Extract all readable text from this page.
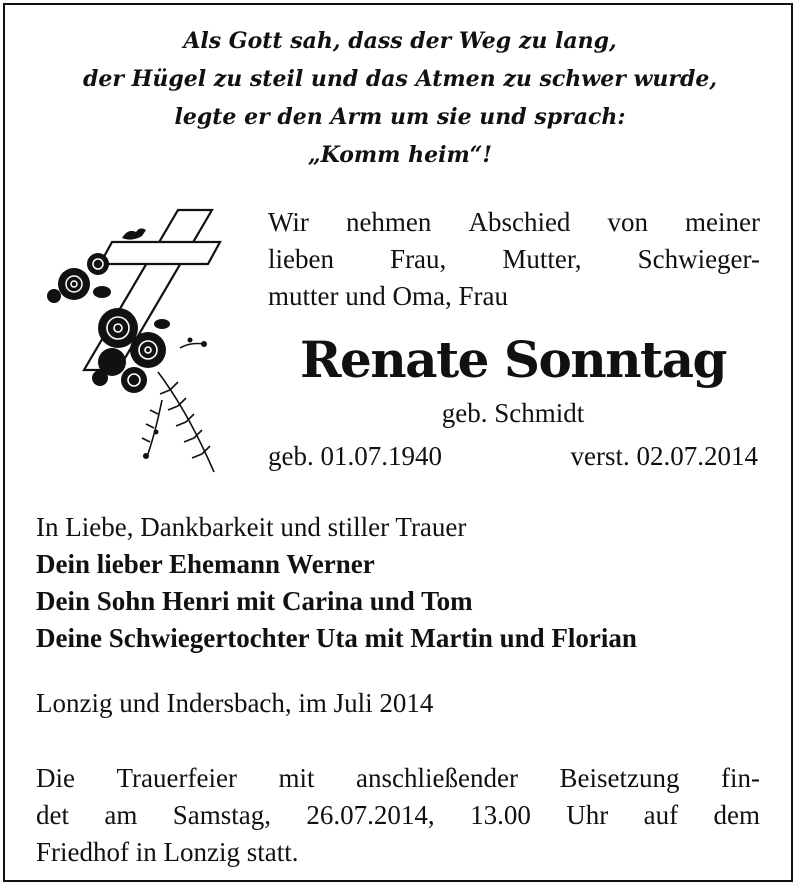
Als Gott sah, dass der Weg zu lang,
der Hügel zu steil und das Atmen zu schwer wurde,
legte er den Arm um sie und sprach:
„Komm heim“!
Wir nehmen Abschied von meiner
lieben Frau, Mutter, Schwieger-
mutter und Oma, Frau
Renate Sonntag
geb. Schmidt
geb. 01.07.1940	verst. 02.07.2014
In Liebe, Dankbarkeit und stiller Trauer
Dein lieber Ehemann Werner
Dein Sohn Henri mit Carina und Tom
Deine Schwiegertochter Uta mit Martin und Florian
Lonzig und Indersbach, im Juli 2014
Die Trauerfeier mit anschließender Beisetzung fin-
det am Samstag, 26.07.2014, 13.00 Uhr auf dem
Friedhof in Lonzig statt.
